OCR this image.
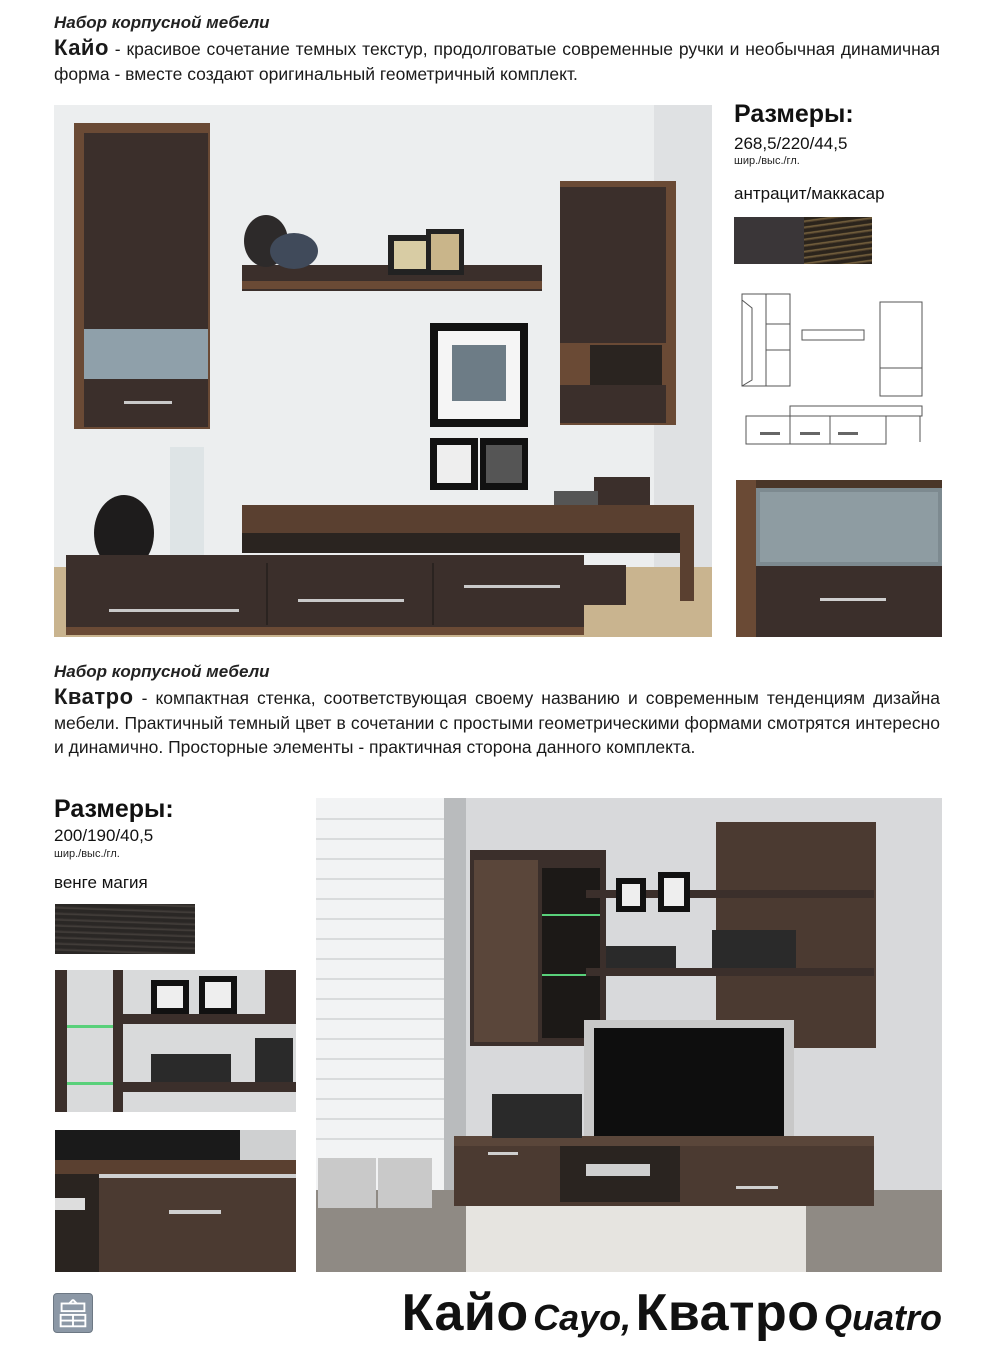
Набор корпусной мебели
Кайо - красивое сочетание темных текстур, продолговатые современные ручки и необычная динамичная форма - вместе создают оригинальный геометричный комплект.
Размеры:
268,5/220/44,5
шир./выс./гл.
антрацит/маккасар
Набор корпусной мебели
Кватро - компактная стенка, соответствующая своему названию и современным тенденциям дизайна мебели. Практичный темный цвет в сочетании с простыми геометрическими формами смотрятся интересно и динамично. Просторные элементы - практичная сторона данного комплекта.
Размеры:
200/190/40,5
шир./выс./гл.
венге магия
Кайо Cayo, Кватро Quatro
